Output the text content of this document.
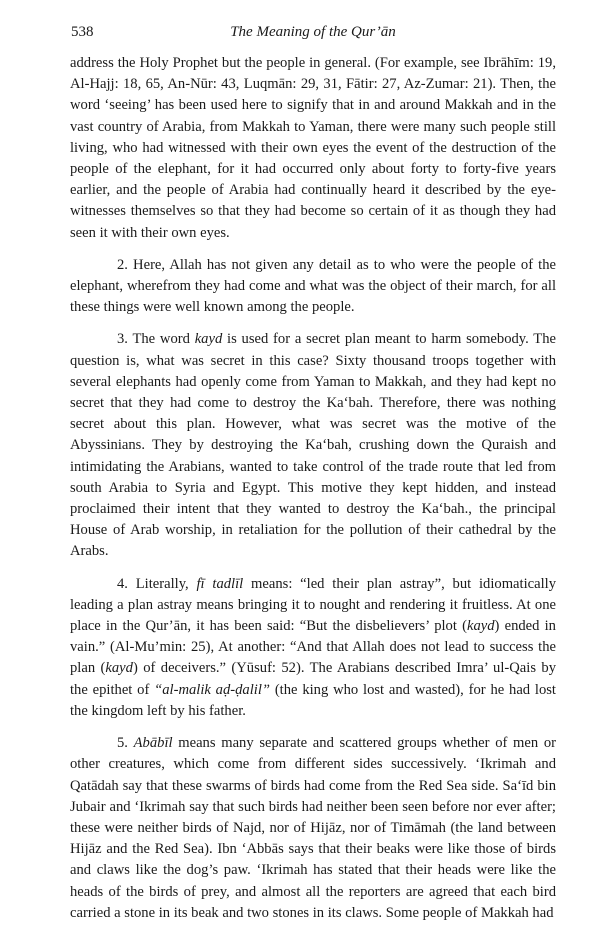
538	The Meaning of the Qur’ān

address the Holy Prophet but the people in general. (For example, see Ibrāhīm: 19, Al-Hajj: 18, 65, An-Nūr: 43, Luqmān: 29, 31, Fātir: 27, Az-Zumar: 21). Then, the word ‘seeing’ has been used here to signify that in and around Makkah and in the vast country of Arabia, from Makkah to Yaman, there were many such people still living, who had witnessed with their own eyes the event of the destruction of the people of the elephant, for it had occurred only about forty to forty-five years earlier, and the people of Arabia had continually heard it described by the eye-witnesses themselves so that they had become so certain of it as though they had seen it with their own eyes.

2. Here, Allah has not given any detail as to who were the people of the elephant, wherefrom they had come and what was the object of their march, for all these things were well known among the people.

3. The word kayd is used for a secret plan meant to harm somebody. The question is, what was secret in this case? Sixty thousand troops together with several elephants had openly come from Yaman to Makkah, and they had kept no secret that they had come to destroy the Ka‘bah. Therefore, there was nothing secret about this plan. However, what was secret was the motive of the Abyssinians. They by destroying the Ka‘bah, crushing down the Quraish and intimidating the Arabians, wanted to take control of the trade route that led from south Arabia to Syria and Egypt. This motive they kept hidden, and instead proclaimed their intent that they wanted to destroy the Ka‘bah., the principal House of Arab worship, in retaliation for the pollution of their cathedral by the Arabs.

4. Literally, fī tadlīl means: “led their plan astray”, but idiomatically leading a plan astray means bringing it to nought and rendering it fruitless. At one place in the Qur’ān, it has been said: “But the disbelievers’ plot (kayd) ended in vain.” (Al-Mu’min: 25), At another: “And that Allah does not lead to success the plan (kayd) of deceivers.” (Yūsuf: 52). The Arabians described Imra’ ul-Qais by the epithet of “al-malik aḍ-ḍalil” (the king who lost and wasted), for he had lost the kingdom left by his father.

5. Abābīl means many separate and scattered groups whether of men or other creatures, which come from different sides successively. ‘Ikrimah and Qatādah say that these swarms of birds had come from the Red Sea side. Sa‘īd bin Jubair and ‘Ikrimah say that such birds had neither been seen before nor ever after; these were neither birds of Najd, nor of Hijāz, nor of Timāmah (the land between Hijāz and the Red Sea). Ibn ‘Abbās says that their beaks were like those of birds and claws like the dog’s paw. ‘Ikrimah has stated that their heads were like the heads of the birds of prey, and almost all the reporters are agreed that each bird carried a stone in its beak and two stones in its claws. Some people of Makkah had
